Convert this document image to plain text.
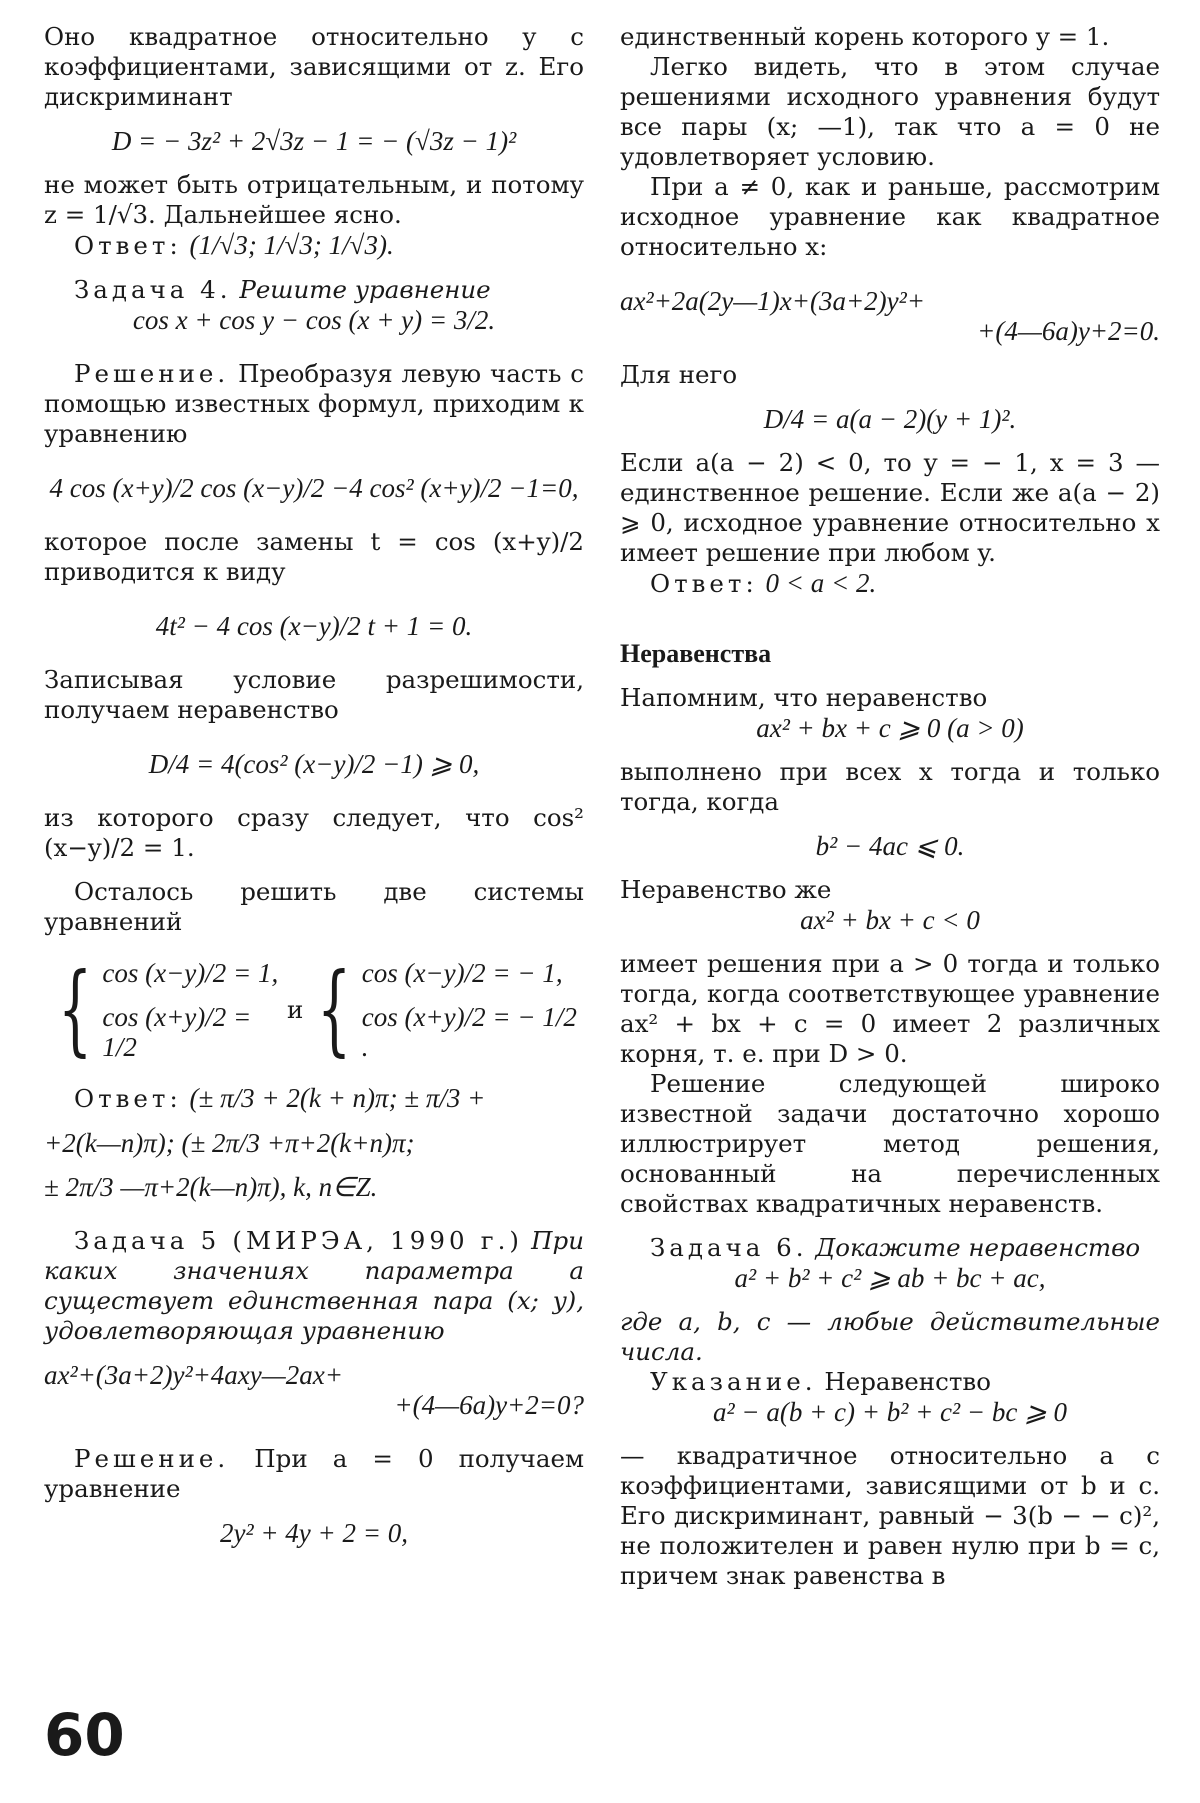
Оно квадратное относительно y с коэффициентами, зависящими от z. Его дискриминант

D = − 3z² + 2√3z − 1 = − (√3z − 1)²

не может быть отрицательным, и потому z = 1/√3. Дальнейшее ясно.

Ответ: (1/√3; 1/√3; 1/√3).

Задача 4. Решите уравнение

cos x + cos y − cos (x + y) = 3/2.

Решение. Преобразуя левую часть с помощью известных формул, приходим к уравнению

4 cos (x+y)/2 cos (x−y)/2 −4 cos² (x+y)/2 −1=0,

которое после замены t = cos (x+y)/2 приводится к виду

4t² − 4 cos (x−y)/2 t + 1 = 0.

Записывая условие разрешимости, получаем неравенство

D/4 = 4(cos² (x−y)/2 −1) ⩾ 0,

из которого сразу следует, что cos² (x−y)/2 = 1.

Осталось решить две системы уравнений

{ cos (x−y)/2 = 1,
cos (x+y)/2 = 1/2
и { cos (x−y)/2 = − 1,
cos (x+y)/2 = − 1/2 .

Ответ: (± π/3 + 2(k + n)π; ± π/3 +

+2(k—n)π); (± 2π/3 +π+2(k+n)π;

± 2π/3 —π+2(k—n)π), k, n∈Z.

Задача 5 (МИРЭА, 1990 г.) При каких значениях параметра a существует единственная пара (x; y), удовлетворяющая уравнению

ax²+(3a+2)y²+4axy—2ax+

+(4—6a)y+2=0?

Решение. При a = 0 получаем уравнение

2y² + 4y + 2 = 0,

единственный корень которого y = 1.

Легко видеть, что в этом случае решениями исходного уравнения будут все пары (x; —1), так что a = 0 не удовлетворяет условию.

При a ≠ 0, как и раньше, рассмотрим исходное уравнение как квадратное относительно x:

ax²+2a(2y—1)x+(3a+2)y²+

+(4—6a)y+2=0.

Для него

D/4 = a(a − 2)(y + 1)².

Если a(a − 2) < 0, то y = − 1, x = 3 — единственное решение. Если же a(a − 2) ⩾ 0, исходное уравнение относительно x имеет решение при любом y.

Ответ: 0 < a < 2.

Неравенства

Напомним, что неравенство

ax² + bx + c ⩾ 0 (a > 0)

выполнено при всех x тогда и только тогда, когда

b² − 4ac ⩽ 0.

Неравенство же

ax² + bx + c < 0

имеет решения при a > 0 тогда и только тогда, когда соответствующее уравнение ax² + bx + c = 0 имеет 2 различных корня, т. е. при D > 0.

Решение следующей широко известной задачи достаточно хорошо иллюстрирует метод решения, основанный на перечисленных свойствах квадратичных неравенств.

Задача 6. Докажите неравенство

a² + b² + c² ⩾ ab + bc + ac,

где a, b, c — любые действительные числа.

Указание. Неравенство

a² − a(b + c) + b² + c² − bc ⩾ 0

— квадратичное относительно a с коэффициентами, зависящими от b и c. Его дискриминант, равный − 3(b − − c)², не положителен и равен нулю при b = c, причем знак равенства в

60
